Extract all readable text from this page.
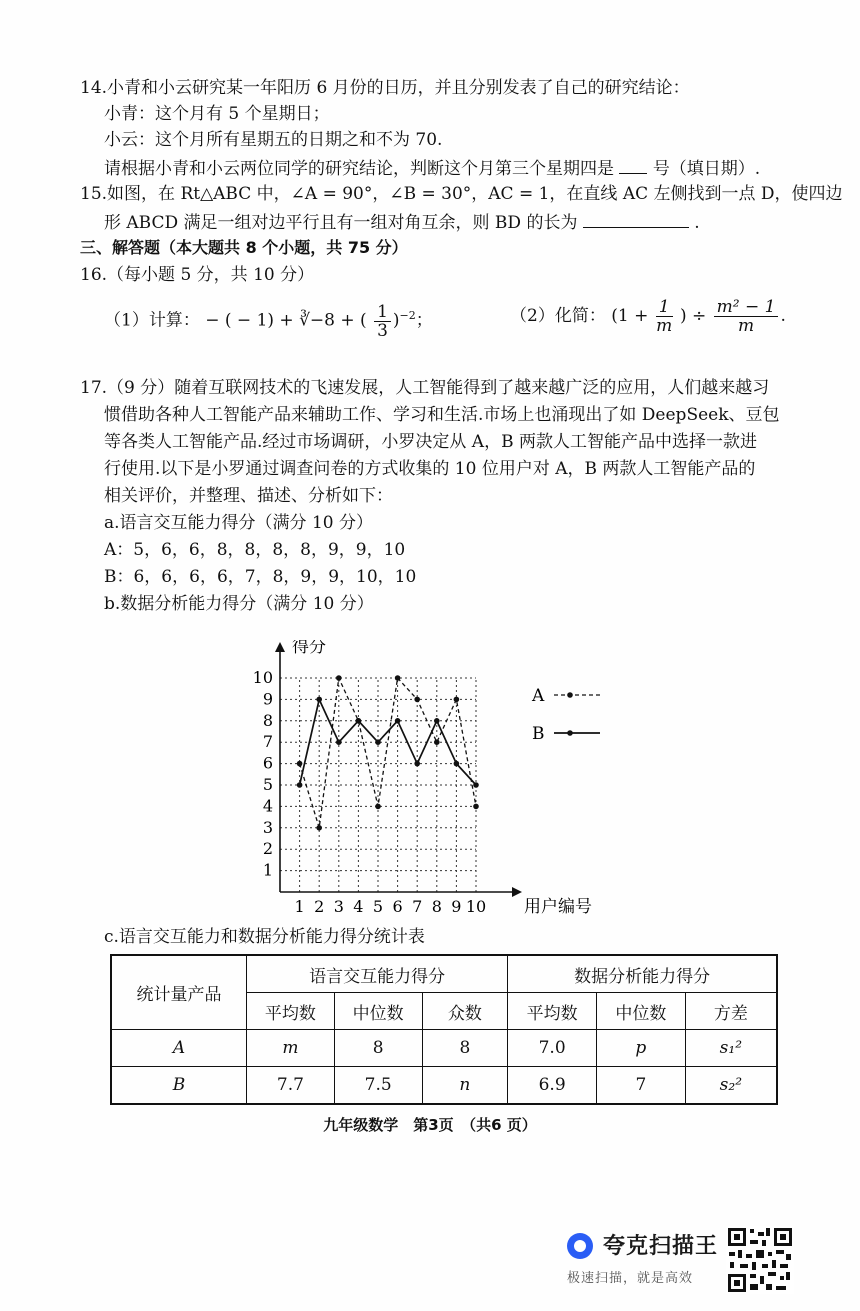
14.小青和小云研究某一年阳历 6 月份的日历，并且分别发表了自己的研究结论：
小青：这个月有 5 个星期日；
小云：这个月所有星期五的日期之和不为 70.
请根据小青和小云两位同学的研究结论，判断这个月第三个星期四是 号（填日期）.
15.如图，在 Rt△ABC 中，∠A = 90°，∠B = 30°，AC = 1，在直线 AC 左侧找到一点 D，使四边
形 ABCD 满足一组对边平行且有一组对角互余，则 BD 的长为	.
三、解答题（本大题共 8 个小题，共 75 分）
16.（每小题 5 分，共 10 分）
（1）计算： − ( − 1) + ∛−8 + ( $\frac{1}{3} )^{-2}$；	（2）化简： ($1 + \frac{1}{m}$ ) ÷ $\frac{\text{m² − 1}}{m}$ .
17.（9 分）随着互联网技术的飞速发展，人工智能得到了越来越广泛的应用，人们越来越习
惯借助各种人工智能产品来辅助工作、学习和生活.市场上也涌现出了如 DeepSeek、豆包
等各类人工智能产品.经过市场调研，小罗决定从 A，B 两款人工智能产品中选择一款进
行使用.以下是小罗通过调查问卷的方式收集的 10 位用户对 A，B 两款人工智能产品的
相关评价，并整理、描述、分析如下：
a.语言交互能力得分（满分 10 分）
A：5，6，6，8，8，8，8，9，9，10
B：6，6，6，6，7，8，9，9，10，10
b.数据分析能力得分（满分 10 分）
1 2 3 4 5 6 7 8 9 10
1
2
3
4
5
6
7
8
9
10
得分
用户编号
A
B
c.语言交互能力和数据分析能力得分统计表
统计量产品	语言交互能力得分			数据分析能力得分		
	平均数	中位数	众数	平均数	中位数	方差
A	m	8	8	7.0	p	s₁²
B	7.7	7.5	n	6.9	7	s₂²
九年级数学　第3页　（共6 页）
夸克扫描王
极速扫描，就是高效
